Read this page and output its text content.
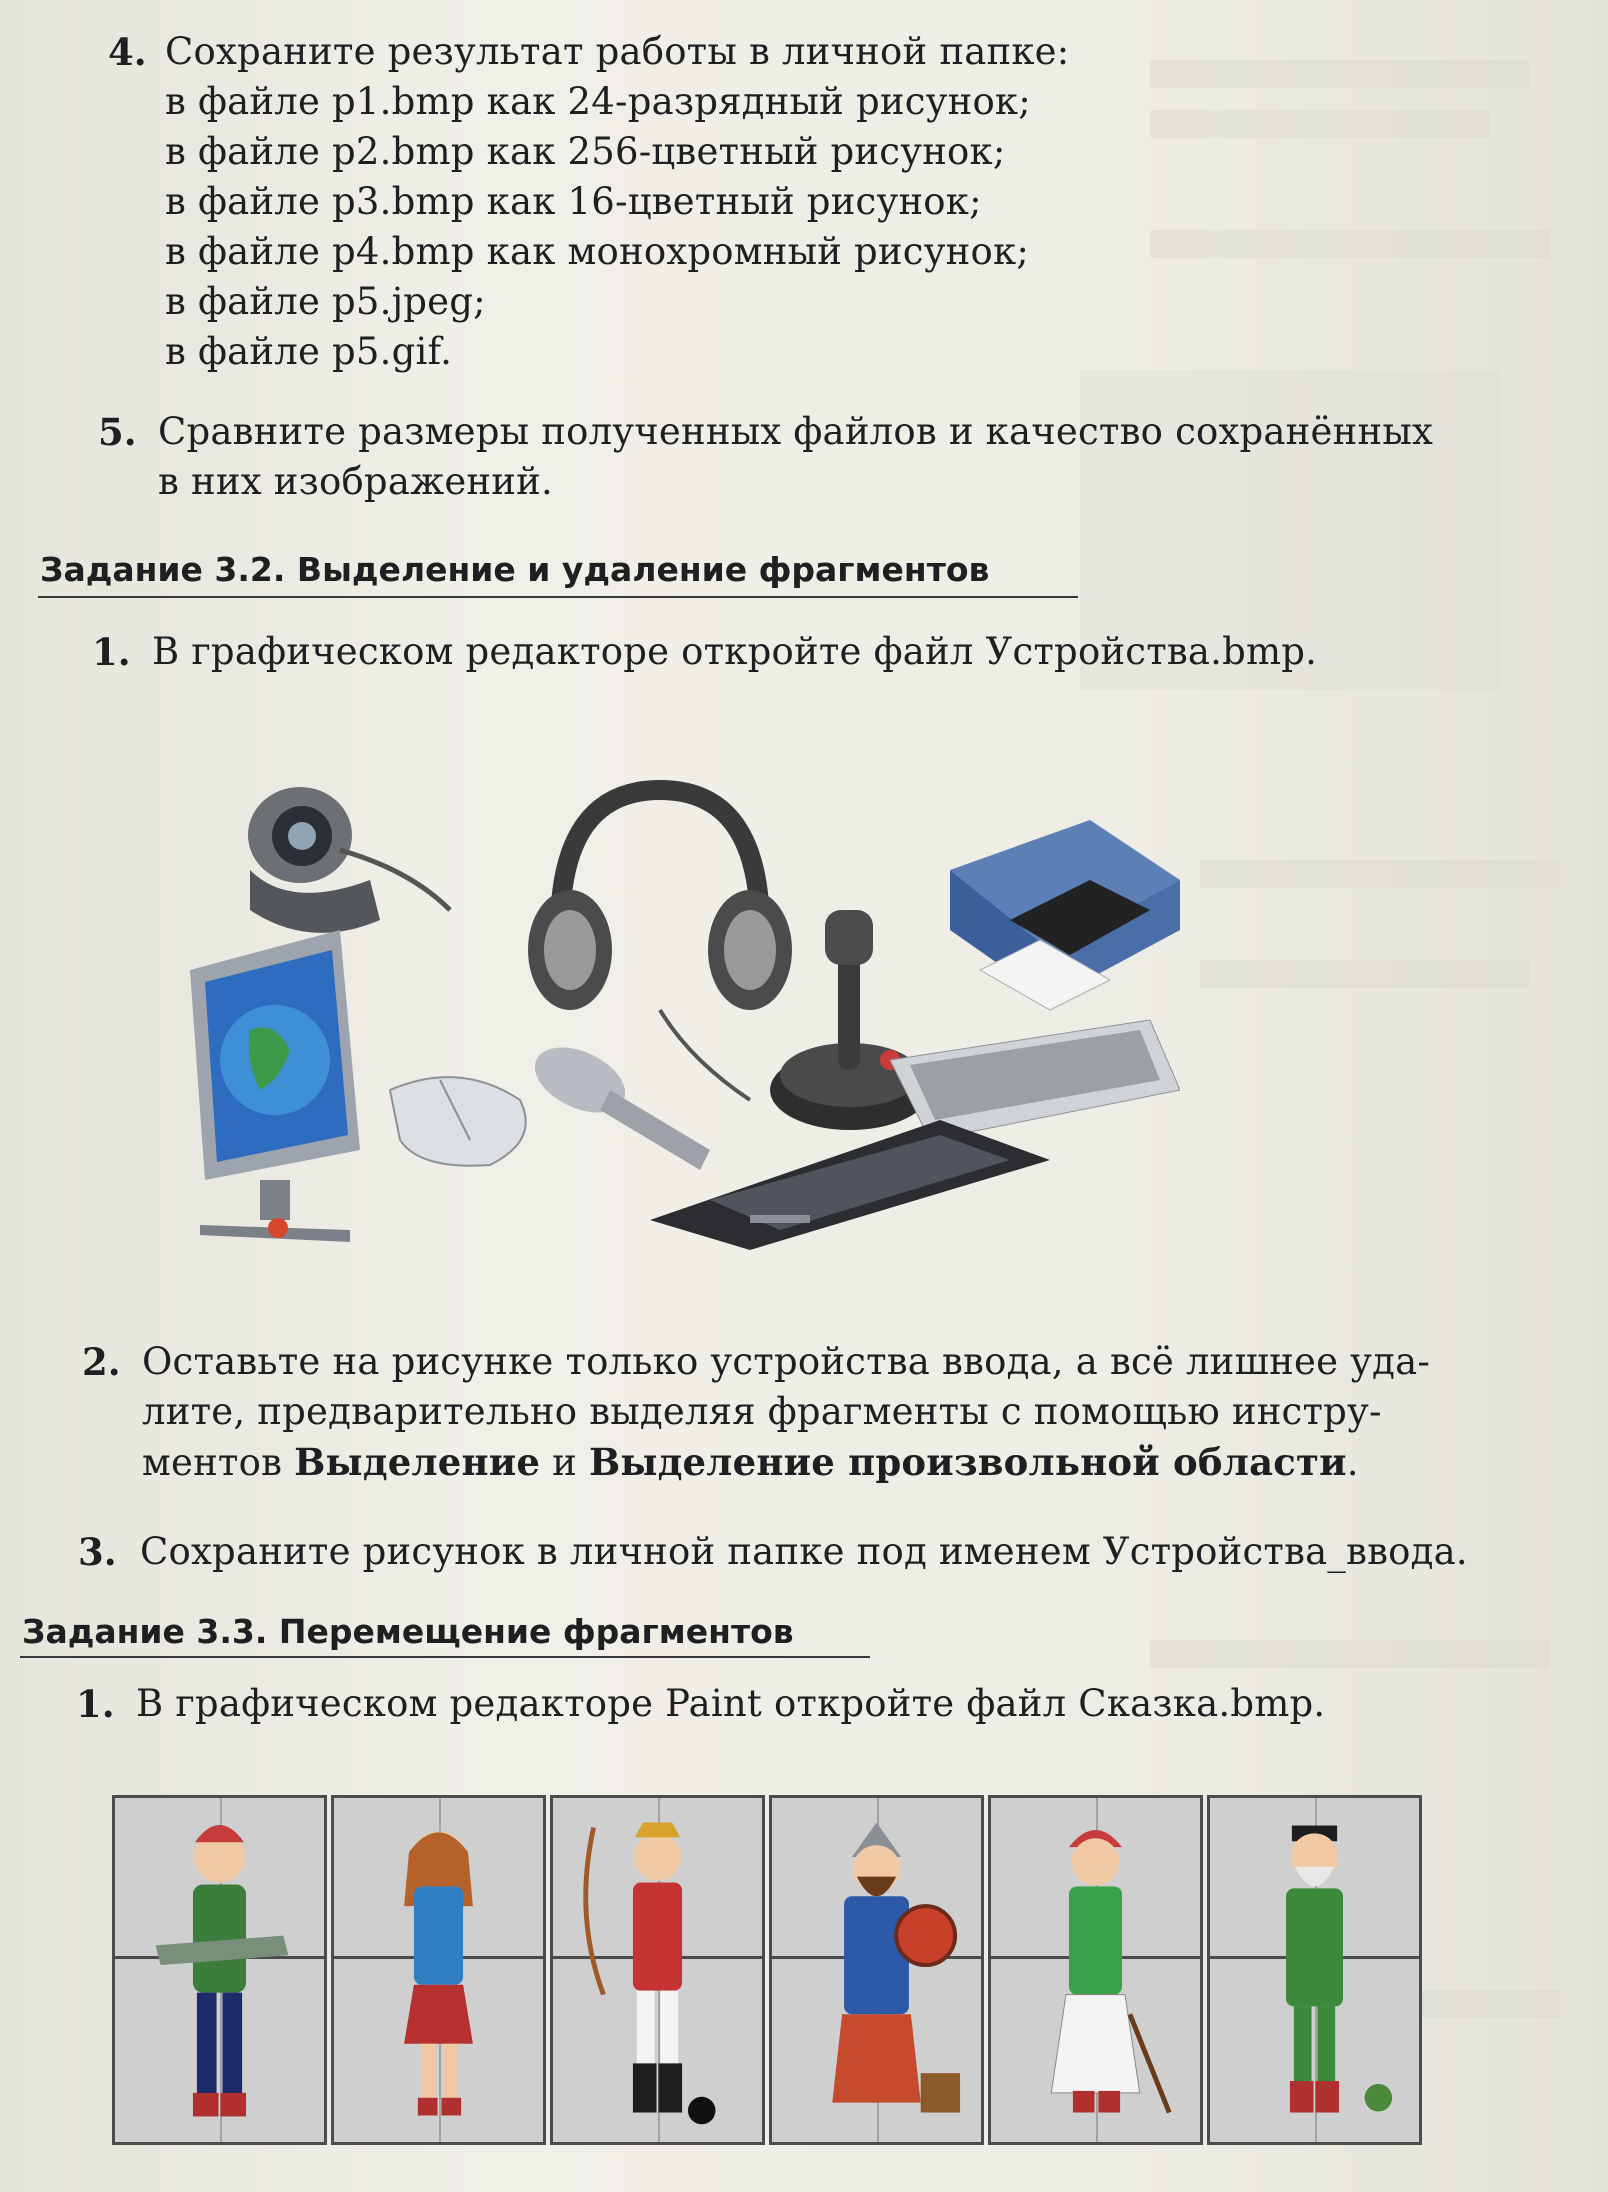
4. Сохраните результат работы в личной папке:
в файле p1.bmp как 24-разрядный рисунок;
в файле p2.bmp как 256-цветный рисунок;
в файле p3.bmp как 16-цветный рисунок;
в файле p4.bmp как монохромный рисунок;
в файле p5.jpeg;
в файле p5.gif.
5. Сравните размеры полученных файлов и качество сохранённых
в них изображений.
Задание 3.2. Выделение и удаление фрагментов
1. В графическом редакторе откройте файл Устройства.bmp.
2. Оставьте на рисунке только устройства ввода, а всё лишнее уда-
лите, предварительно выделяя фрагменты с помощью инстру-
ментов Выделение и Выделение произвольной области.
3. Сохраните рисунок в личной папке под именем Устройства_ввода.
Задание 3.3. Перемещение фрагментов
1. В графическом редакторе Paint откройте файл Сказка.bmp.
